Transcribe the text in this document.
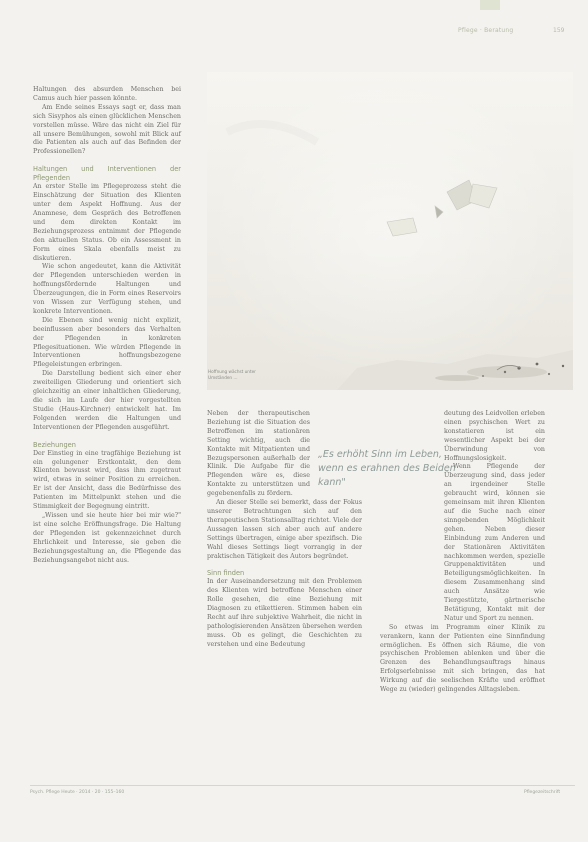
Pflege · Beratung	159
Hoffnung wächst unter Umständen …

Haltungen des absurden Menschen bei Camus auch hier passen könnte.

Am Ende seines Essays sagt er, dass man sich Sisyphos als einen glücklichen Menschen vorstellen müsse. Wäre das nicht ein Ziel für all unsere Bemühungen, sowohl mit Blick auf die Patienten als auch auf das Befinden der Professionellen?

Haltungen und Interventionen der Pflegenden

An erster Stelle im Pflegeprozess steht die Einschätzung der Situation des Klienten unter dem Aspekt Hoffnung. Aus der Anamnese, dem Gespräch des Betroffenen und dem direkten Kontakt im Beziehungsprozess entnimmt der Pflegende den aktuellen Status. Ob ein Assessment in Form eines Skala ebenfalls meist zu diskutieren.

Wie schon angedeutet, kann die Aktivität der Pflegenden unterschieden werden in hoffnungsfördernde Haltungen und Überzeugungen, die in Form eines Reservoirs von Wissen zur Verfügung stehen, und konkrete Interventionen.

Die Ebenen sind wenig nicht explizit, beeinflussen aber besonders das Verhalten der Pflegenden in konkreten Pflegesituationen. Wie würden Pflegende in Interventionen hoffnungsbezogene Pflegeleistungen erbringen.

Die Darstellung bedient sich einer eher zweiteiligen Gliederung und orientiert sich gleichzeitig an einer inhaltlichen Gliederung, die sich im Laufe der hier vorgestellten Studie (Haus-Kirchner) entwickelt hat. Im Folgenden werden die Haltungen und Interventionen der Pflegenden ausgeführt.

Beziehungen

Der Einstieg in eine tragfähige Beziehung ist ein gelungener Erstkontakt, den dem Klienten bewusst wird, dass ihm zugetraut wird, etwas in seiner Position zu erreichen. Er ist der Ansicht, dass die Bedürfnisse des Patienten im Mittelpunkt stehen und die Stimmigkeit der Begegnung eintritt.

„Wissen und sie heute hier bei mir wie?" ist eine solche Eröffnungsfrage. Die Haltung der Pflegenden ist gekennzeichnet durch Ehrlichkeit und Interesse, sie geben die Beziehungsgestaltung an, die Pflegende das Beziehungsangebot nicht aus.

Neben der therapeutischen Beziehung ist die Situation des Betroffenen im stationären Setting wichtig, auch die Kontakte mit Mitpatienten und Bezugspersonen außerhalb der Klinik. Die Aufgabe für die Pflegenden wäre es, diese Kontakte zu unterstützen und gegebenenfalls zu fördern.

An dieser Stelle sei bemerkt, dass der Fokus unserer Betrachtungen sich auf den therapeutischen Stationsalltag richtet. Viele der Aussagen lassen sich aber auch auf andere Settings übertragen, einige aber spezifisch. Die Wahl dieses Settings liegt vorrangig in der praktischen Tätigkeit des Autors begründet.

Sinn finden

In der Auseinandersetzung mit den Problemen des Klienten wird betroffene Menschen einer Rolle gesehen, die eine Beziehung mit Diagnosen zu etikettieren. Stimmen haben ein Recht auf ihre subjektive Wahrheit, die nicht in pathologisierenden Ansätzen übersehen werden muss. Ob es gelingt, die Geschichten zu verstehen und eine Bedeutung

„Es erhöht Sinn im Leben, wenn es erahnen des Beiden kann"

deutung des Leidvollen erleben einen psychischen Wert zu konstatieren ist ein wesentlicher Aspekt bei der Überwindung von Hoffnungslosigkeit.

Wenn Pflegende der Überzeugung sind, dass jeder an irgendeiner Stelle gebraucht wird, können sie gemeinsam mit ihren Klienten auf die Suche nach einer sinngebenden Möglichkeit gehen. Neben dieser Einbindung zum Anderen und der Stationären Aktivitäten nachkommen werden, spezielle Gruppenaktivitäten und Beteiligungsmöglichkeiten. In diesem Zusammenhang sind auch Ansätze wie Tiergestützte, gärtnerische Betätigung, Kontakt mit der Natur und Sport zu nennen.

So etwas im Programm einer Klinik zu verankern, kann der Patienten eine Sinnfindung ermöglichen. Es öffnen sich Räume, die von psychischen Problemen ablenken und über die Grenzen des Behandlungsauftrags hinaus Erfolgserlebnisse mit sich bringen, das hat Wirkung auf die seelischen Kräfte und eröffnet Wege zu (wieder) gelingendes Alltagsleben.

Psych. Pflege Heute · 2014 · 20 · 155–160	Pflegezeitschrift
